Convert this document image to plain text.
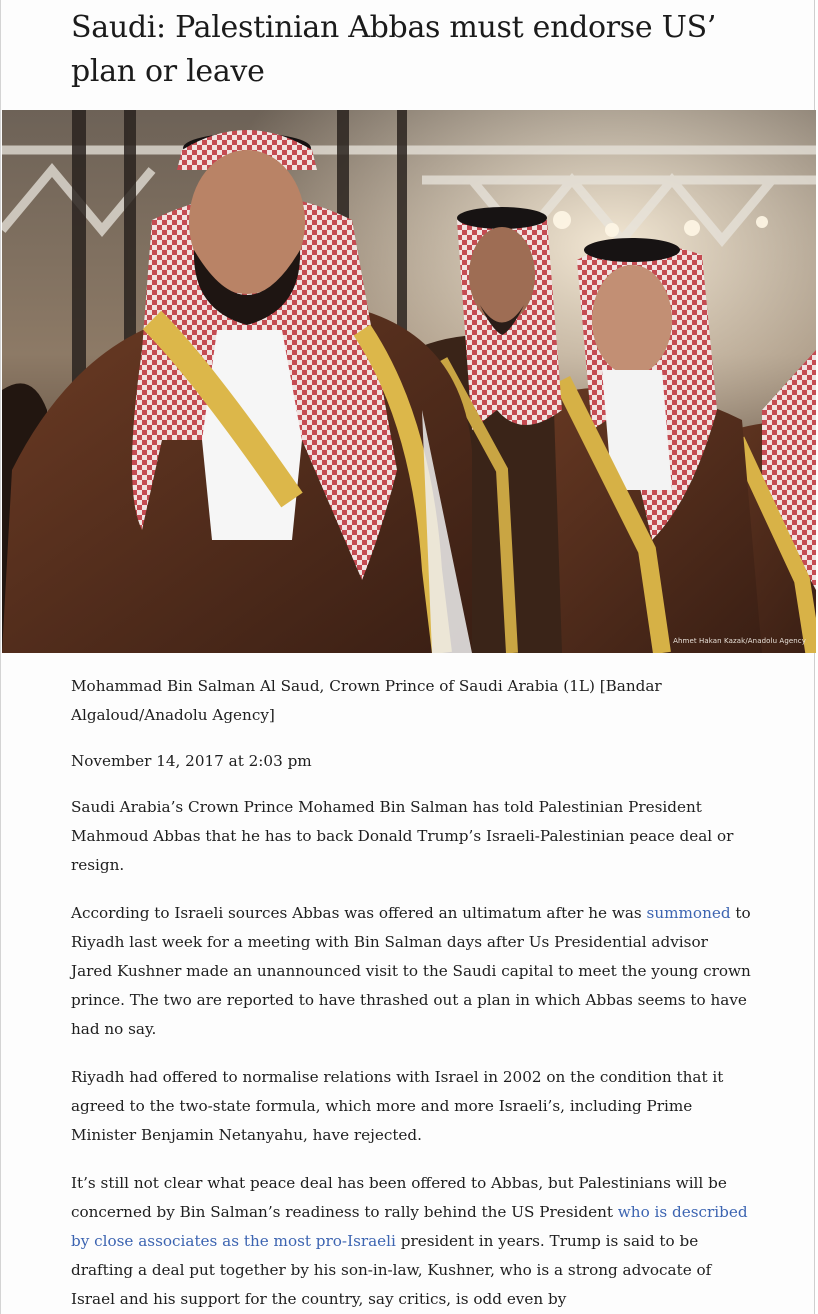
Saudi: Palestinian Abbas must endorse US’ plan or leave
Ahmet Hakan Kazak/Anadolu Agency

Mohammad Bin Salman Al Saud, Crown Prince of Saudi Arabia (1L) [Bandar Algaloud/Anadolu Agency]

November 14, 2017 at 2:03 pm

Saudi Arabia’s Crown Prince Mohamed Bin Salman has told Palestinian President Mahmoud Abbas that he has to back Donald Trump’s Israeli-Palestinian peace deal or resign.

According to Israeli sources Abbas was offered an ultimatum after he was summoned to Riyadh last week for a meeting with Bin Salman days after Us Presidential advisor Jared Kushner made an unannounced visit to the Saudi capital to meet the young crown prince. The two are reported to have thrashed out a plan in which Abbas seems to have had no say.

Riyadh had offered to normalise relations with Israel in 2002 on the condition that it agreed to the two-state formula, which more and more Israeli’s, including Prime Minister Benjamin Netanyahu, have rejected.

It’s still not clear what peace deal has been offered to Abbas, but Palestinians will be concerned by Bin Salman’s readiness to rally behind the US President who is described by close associates as the most pro-Israeli president in years. Trump is said to be drafting a deal put together by his son-in-law, Kushner, who is a strong advocate of Israel and his support for the country, say critics, is odd even by
